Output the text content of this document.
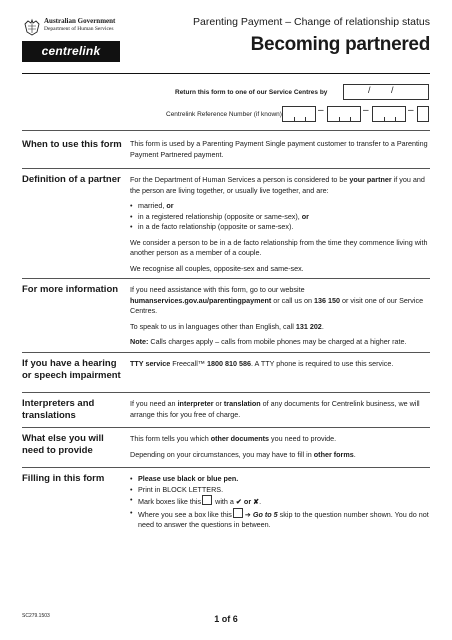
Australian Government
Department of Human Services
centrelink
Parenting Payment – Change of relationship status
Becoming partnered
Return this form to one of our Service Centres by	/ /
Centrelink Reference Number (if known)	–	–	–
When to use this form This form is used by a Parenting Payment Single payment customer to transfer to a Parenting Payment Partnered payment.

Definition of a partner For the Department of Human Services a person is considered to be your partner if you and the person are living together, or usually live together, and are:

• married, or

• in a registered relationship (opposite or same-sex), or

• in a de facto relationship (opposite or same-sex).

We consider a person to be in a de facto relationship from the time they commence living with another person as a member of a couple.

We recognise all couples, opposite-sex and same-sex.

For more information	If you need assistance with this form, go to our website humanservices.gov.au/parentingpayment or call us on 136 150 or visit one of our Service Centres.

To speak to us in languages other than English, call 131 202.

Note: Calls charges apply – calls from mobile phones may be charged at a higher rate.

If you have a hearing or speech impairment

TTY service Freecall™ 1800 810 586. A TTY phone is required to use this service.

Interpreters and translations

If you need an interpreter or translation of any documents for Centrelink business, we will arrange this for you free of charge.

What else you will need to provide

This form tells you which other documents you need to provide.

Depending on your circumstances, you may have to fill in other forms.

Filling in this form

•	Please use black or blue pen.

• Print in BLOCK LETTERS.

• Mark boxes like this with a ✔ or ✘.

• Where you see a box like this ➔ Go to 5 skip to the question number shown. You do not need to answer the questions in between.

SC279.1503	1 of 6
